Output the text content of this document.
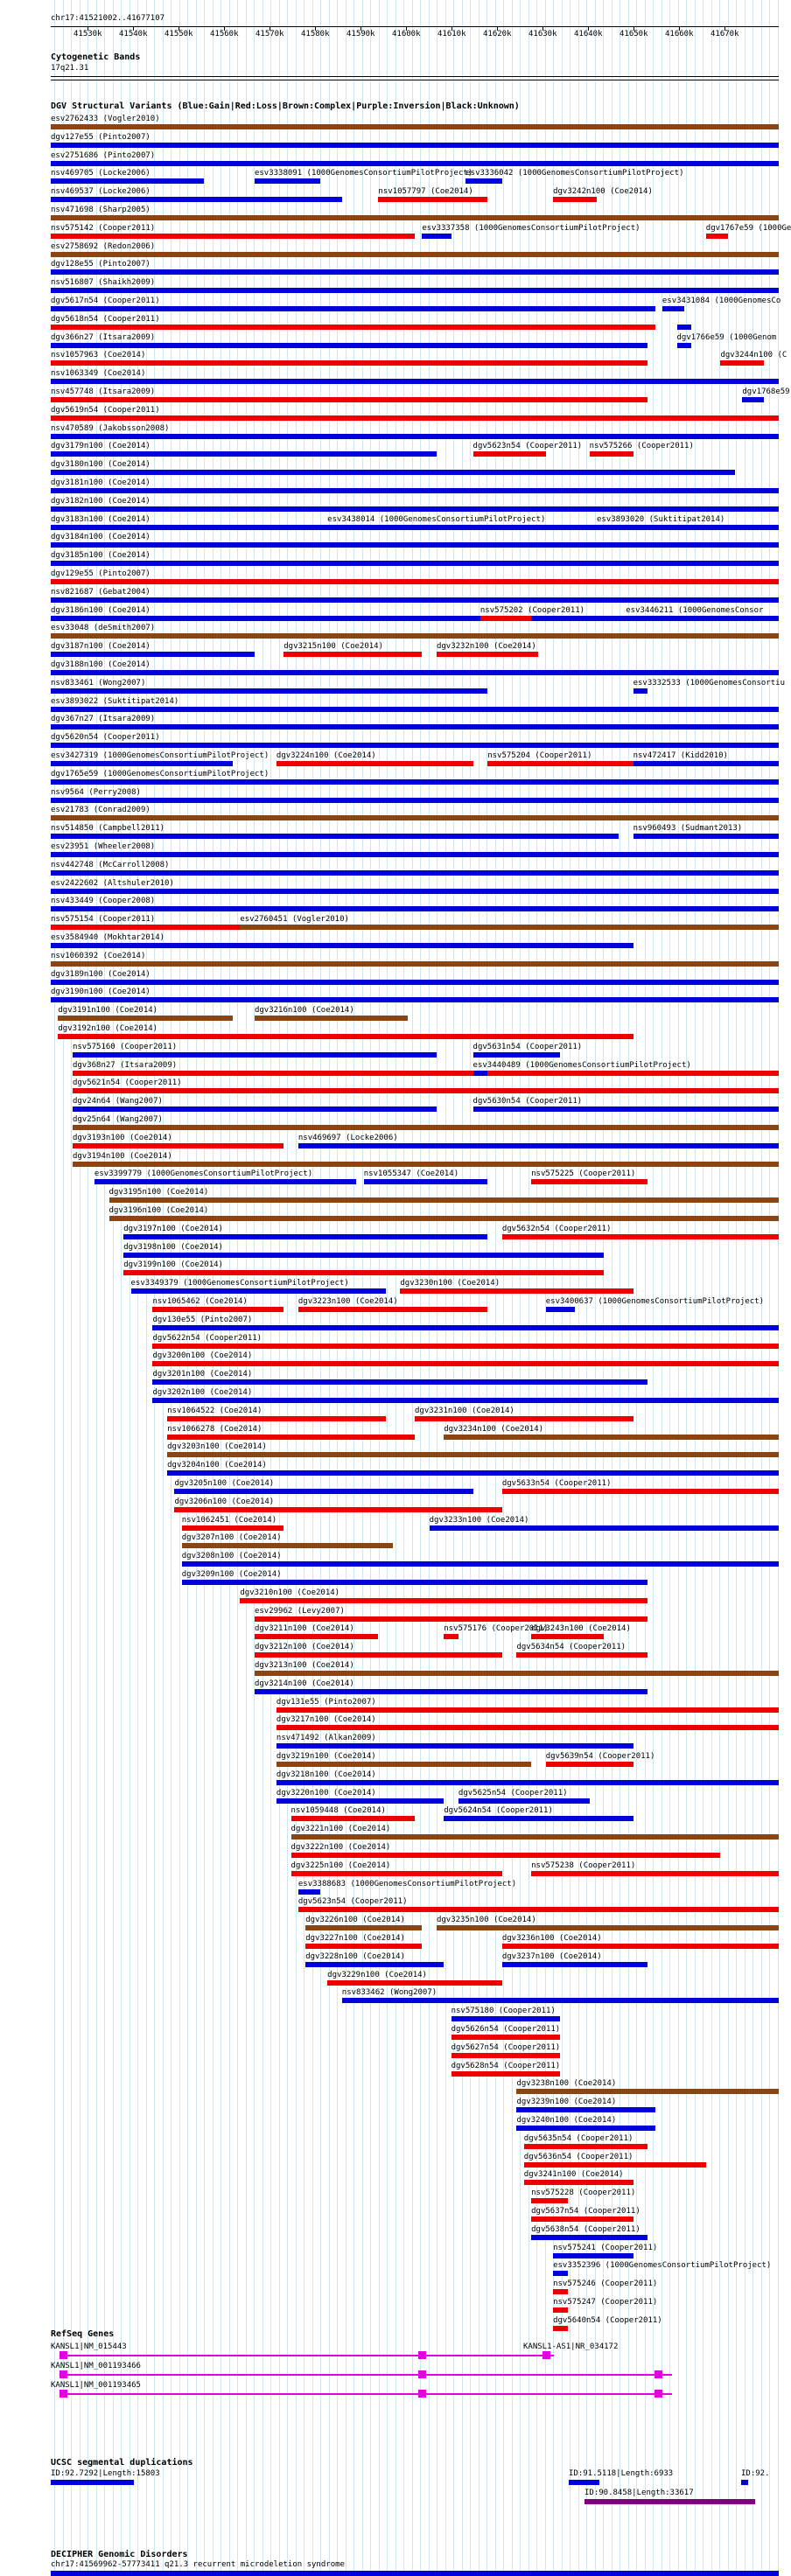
chr17:41521002..41677107
41530k 41540k 41550k 41560k 41570k 41580k 41590k 41600k 41610k 41620k 41630k 41640k 41650k 41660k 41670k
Cytogenetic Bands
17q21.31
DGV Structural Variants (Blue:Gain|Red:Loss|Brown:Complex|Purple:Inversion|Black:Unknown)
esv2762433 (Vogler2010)
dgv127e55 (Pinto2007)
esv2751686 (Pinto2007)
nsv469705 (Locke2006)	esv3338091 (1000GenomesConsortiumPilotProject)
esv3336042 (1000GenomesConsortiumPilotProject)
nsv469537 (Locke2006)	nsv1057797 (Coe2014)	dgv3242n100 (Coe2014)
nsv471698 (Sharp2005)
nsv575142 (Cooper2011)	esv3337358 (1000GenomesConsortiumPilotProject)	dgv1767e59 (1000Ge
esv2758692 (Redon2006)
dgv128e55 (Pinto2007)
nsv516807 (Shaikh2009)
dgv5617n54 (Cooper2011)	esv3431084 (1000GenomesCo
dgv5618n54 (Cooper2011)
dgv366n27 (Itsara2009)	dgv1766e59 (1000Genom
nsv1057963 (Coe2014)	dgv3244n100 (C
nsv1063349 (Coe2014)
nsv457748 (Itsara2009)	dgv1768e59
dgv5619n54 (Cooper2011)
nsv470589 (Jakobsson2008)
dgv3179n100 (Coe2014)	dgv5623n54 (Cooper2011) nsv575266 (Cooper2011)
dgv3180n100 (Coe2014)
dgv3181n100 (Coe2014)
dgv3182n100 (Coe2014)
dgv3183n100 (Coe2014)	esv3438014 (1000GenomesConsortiumPilotProject)	esv3893020 (Suktitipat2014)
dgv3184n100 (Coe2014)
dgv3185n100 (Coe2014)
dgv129e55 (Pinto2007)
nsv821687 (Gebat2004)
dgv3186n100 (Coe2014)	nsv575202 (Cooper2011)	esv3446211 (1000GenomesConsor
esv33048 (deSmith2007)
dgv3187n100 (Coe2014)	dgv3215n100 (Coe2014)	dgv3232n100 (Coe2014)
dgv3188n100 (Coe2014)
nsv833461 (Wong2007)	esv3332533 (1000GenomesConsortiu
esv3893022 (Suktitipat2014)
dgv367n27 (Itsara2009)
dgv5620n54 (Cooper2011)
esv3427319 (1000GenomesConsortiumPilotProject) dgv3224n100 (Coe2014)	nsv575204 (Cooper2011)	nsv472417 (Kidd2010)
dgv1765e59 (1000GenomesConsortiumPilotProject)
nsv9564 (Perry2008)
esv21783 (Conrad2009)
nsv514850 (Campbell2011)	nsv960493 (Sudmant2013)
esv23951 (Wheeler2008)
nsv442748 (McCarroll2008)
esv2422602 (Altshuler2010)
nsv433449 (Cooper2008)
nsv575154 (Cooper2011)	esv2760451 (Vogler2010)
esv3584940 (Mokhtar2014)
nsv1060392 (Coe2014)
dgv3189n100 (Coe2014)
dgv3190n100 (Coe2014)
dgv3191n100 (Coe2014)	dgv3216n100 (Coe2014)
dgv3192n100 (Coe2014)
nsv575160 (Cooper2011)	dgv5631n54 (Cooper2011)
dgv368n27 (Itsara2009)	esv3440489 (1000GenomesConsortiumPilotProject)
dgv5621n54 (Cooper2011)
dgv24n64 (Wang2007)	dgv5630n54 (Cooper2011)
dgv25n64 (Wang2007)
dgv3193n100 (Coe2014)	nsv469697 (Locke2006)
dgv3194n100 (Coe2014)
esv3399779 (1000GenomesConsortiumPilotProject)	nsv1055347 (Coe2014)	nsv575225 (Cooper2011)
dgv3195n100 (Coe2014)
dgv3196n100 (Coe2014)
dgv3197n100 (Coe2014)	dgv5632n54 (Cooper2011)
dgv3198n100 (Coe2014)
dgv3199n100 (Coe2014)
esv3349379 (1000GenomesConsortiumPilotProject)	dgv3230n100 (Coe2014)
nsv1065462 (Coe2014)	dgv3223n100 (Coe2014)	esv3400637 (1000GenomesConsortiumPilotProject)
dgv130e55 (Pinto2007)
dgv5622n54 (Cooper2011)
dgv3200n100 (Coe2014)
dgv3201n100 (Coe2014)
dgv3202n100 (Coe2014)
nsv1064522 (Coe2014)	dgv3231n100 (Coe2014)
nsv1066278 (Coe2014)	dgv3234n100 (Coe2014)
dgv3203n100 (Coe2014)
dgv3204n100 (Coe2014)
dgv3205n100 (Coe2014)	dgv5633n54 (Cooper2011)
dgv3206n100 (Coe2014)
nsv1062451 (Coe2014)	dgv3233n100 (Coe2014)
dgv3207n100 (Coe2014)
dgv3208n100 (Coe2014)
dgv3209n100 (Coe2014)
dgv3210n100 (Coe2014)
esv29962 (Levy2007)
dgv3211n100 (Coe2014)	nsv575176 (Cooper2011)
dgv3243n100 (Coe2014)
dgv3212n100 (Coe2014)	dgv5634n54 (Cooper2011)
dgv3213n100 (Coe2014)
dgv3214n100 (Coe2014)
dgv131e55 (Pinto2007)
dgv3217n100 (Coe2014)
nsv471492 (Alkan2009)
dgv3219n100 (Coe2014)	dgv5639n54 (Cooper2011)
dgv3218n100 (Coe2014)
dgv3220n100 (Coe2014)	dgv5625n54 (Cooper2011)
nsv1059448 (Coe2014)	dgv5624n54 (Cooper2011)
dgv3221n100 (Coe2014)
dgv3222n100 (Coe2014)
dgv3225n100 (Coe2014)	nsv575238 (Cooper2011)
esv3388683 (1000GenomesConsortiumPilotProject)
dgv5623n54 (Cooper2011)
dgv3226n100 (Coe2014)	dgv3235n100 (Coe2014)
dgv3227n100 (Coe2014)	dgv3236n100 (Coe2014)
dgv3228n100 (Coe2014)	dgv3237n100 (Coe2014)
dgv3229n100 (Coe2014)
nsv833462 (Wong2007)
nsv575180 (Cooper2011)
dgv5626n54 (Cooper2011)
dgv5627n54 (Cooper2011)
dgv5628n54 (Cooper2011)
dgv3238n100 (Coe2014)
dgv3239n100 (Coe2014)
dgv3240n100 (Coe2014)
dgv5635n54 (Cooper2011)
dgv5636n54 (Cooper2011)
dgv3241n100 (Coe2014)
nsv575228 (Cooper2011)
dgv5637n54 (Cooper2011)
dgv5638n54 (Cooper2011)
nsv575241 (Cooper2011)
esv3352396 (1000GenomesConsortiumPilotProject)
nsv575246 (Cooper2011)
nsv575247 (Cooper2011)
dgv5640n54 (Cooper2011)
RefSeq Genes
KANSL1|NM_015443	KANSL1-AS1|NR_034172
KANSL1|NM_001193466
KANSL1|NM_001193465
UCSC segmental duplications
ID:92.7292|Length:15803	ID:91.5118|Length:6933	ID:92.
ID:90.8458|Length:33617
DECIPHER Genomic Disorders
chr17:41569962-57773411 q21.3 recurrent microdeletion syndrome
